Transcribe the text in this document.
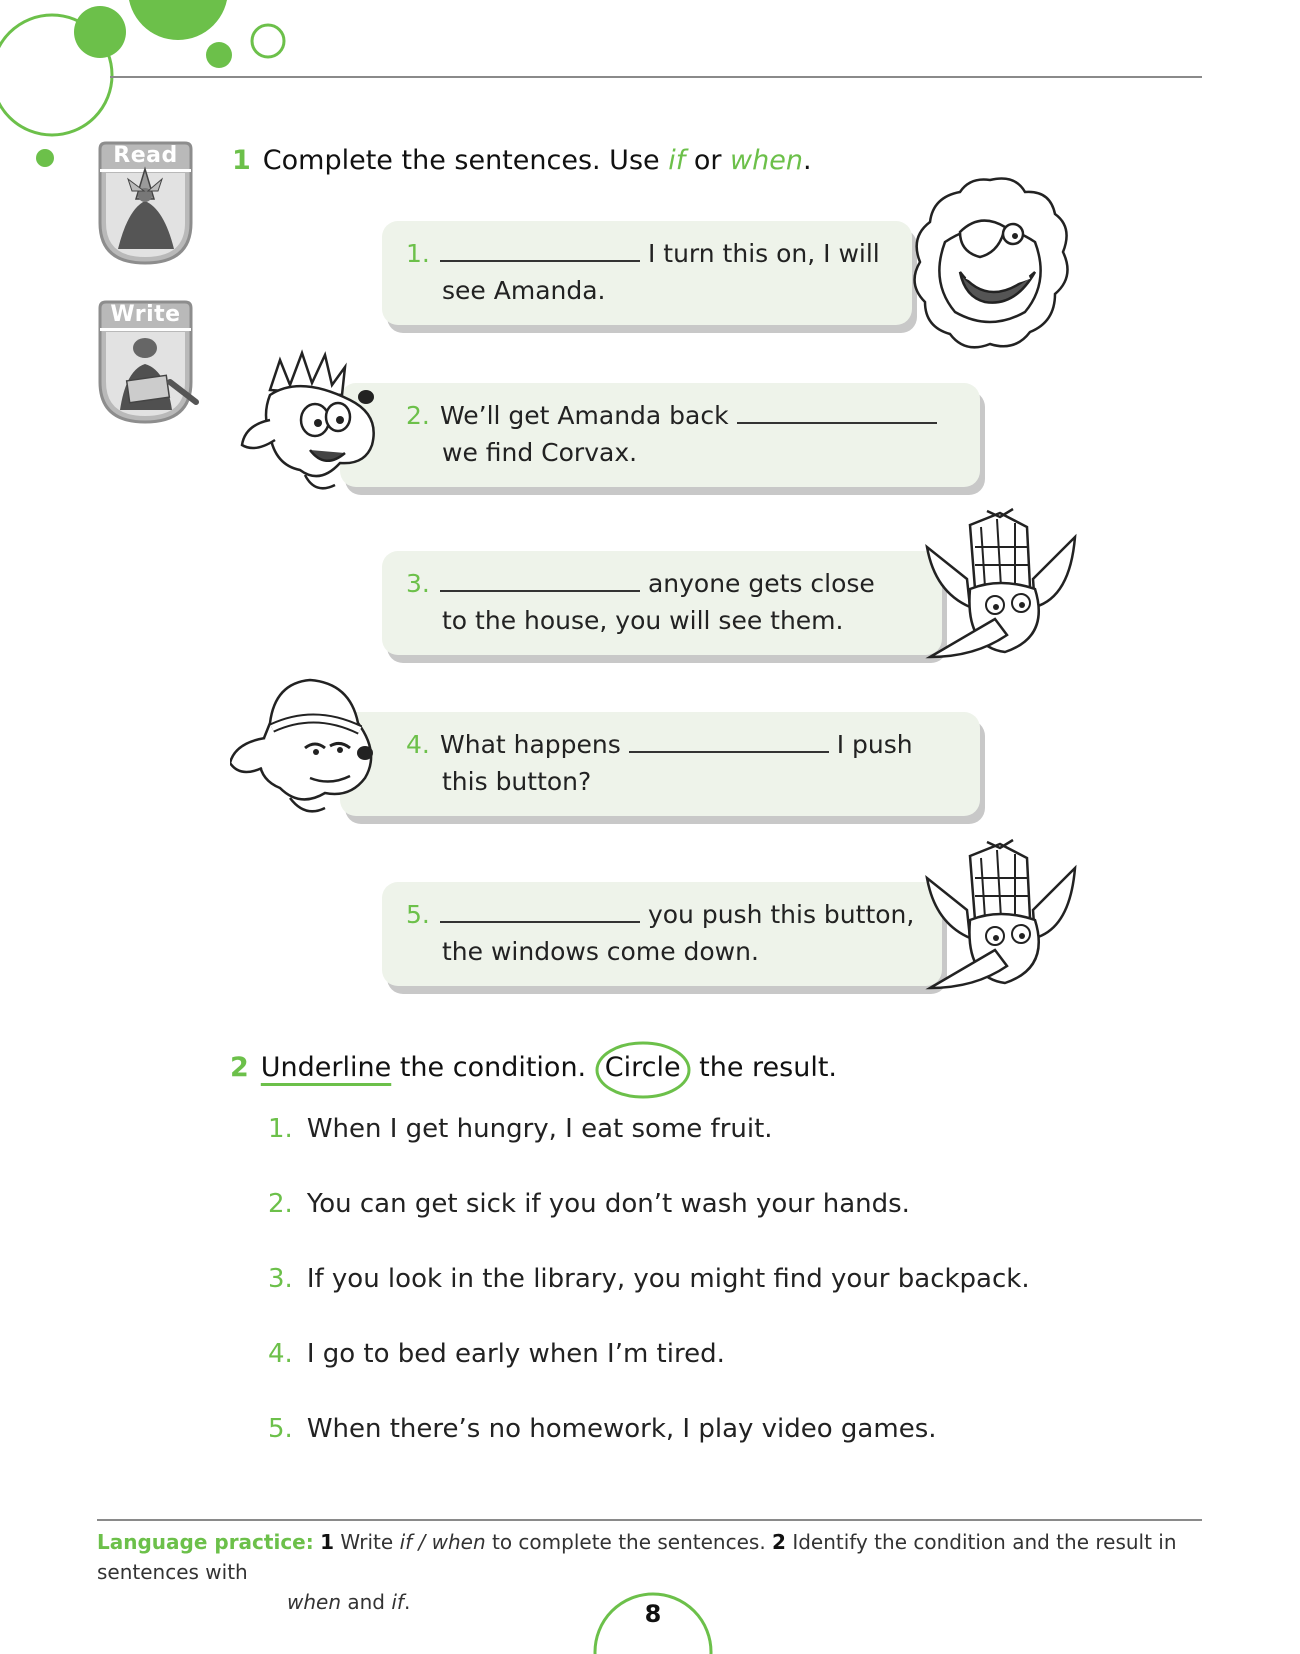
Read
Write
1 Complete the sentences. Use if or when.
1.	I turn this on, I will
see Amanda.
2. We’ll get Amanda back
we find Corvax.
3.	anyone gets close
to the house, you will see them.
4. What happens	I push
this button?
5.	you push this button,
the windows come down.
2 Underline the condition.
Circle the result.
1. When I get hungry, I eat some fruit.
2. You can get sick if you don’t wash your hands.
3. If you look in the library, you might find your backpack.
4. I go to bed early when I’m tired.
5. When there’s no homework, I play video games.
Language practice: 1 Write if / when to complete the sentences. 2 Identify the condition and the result in sentences with
when and if.	8
